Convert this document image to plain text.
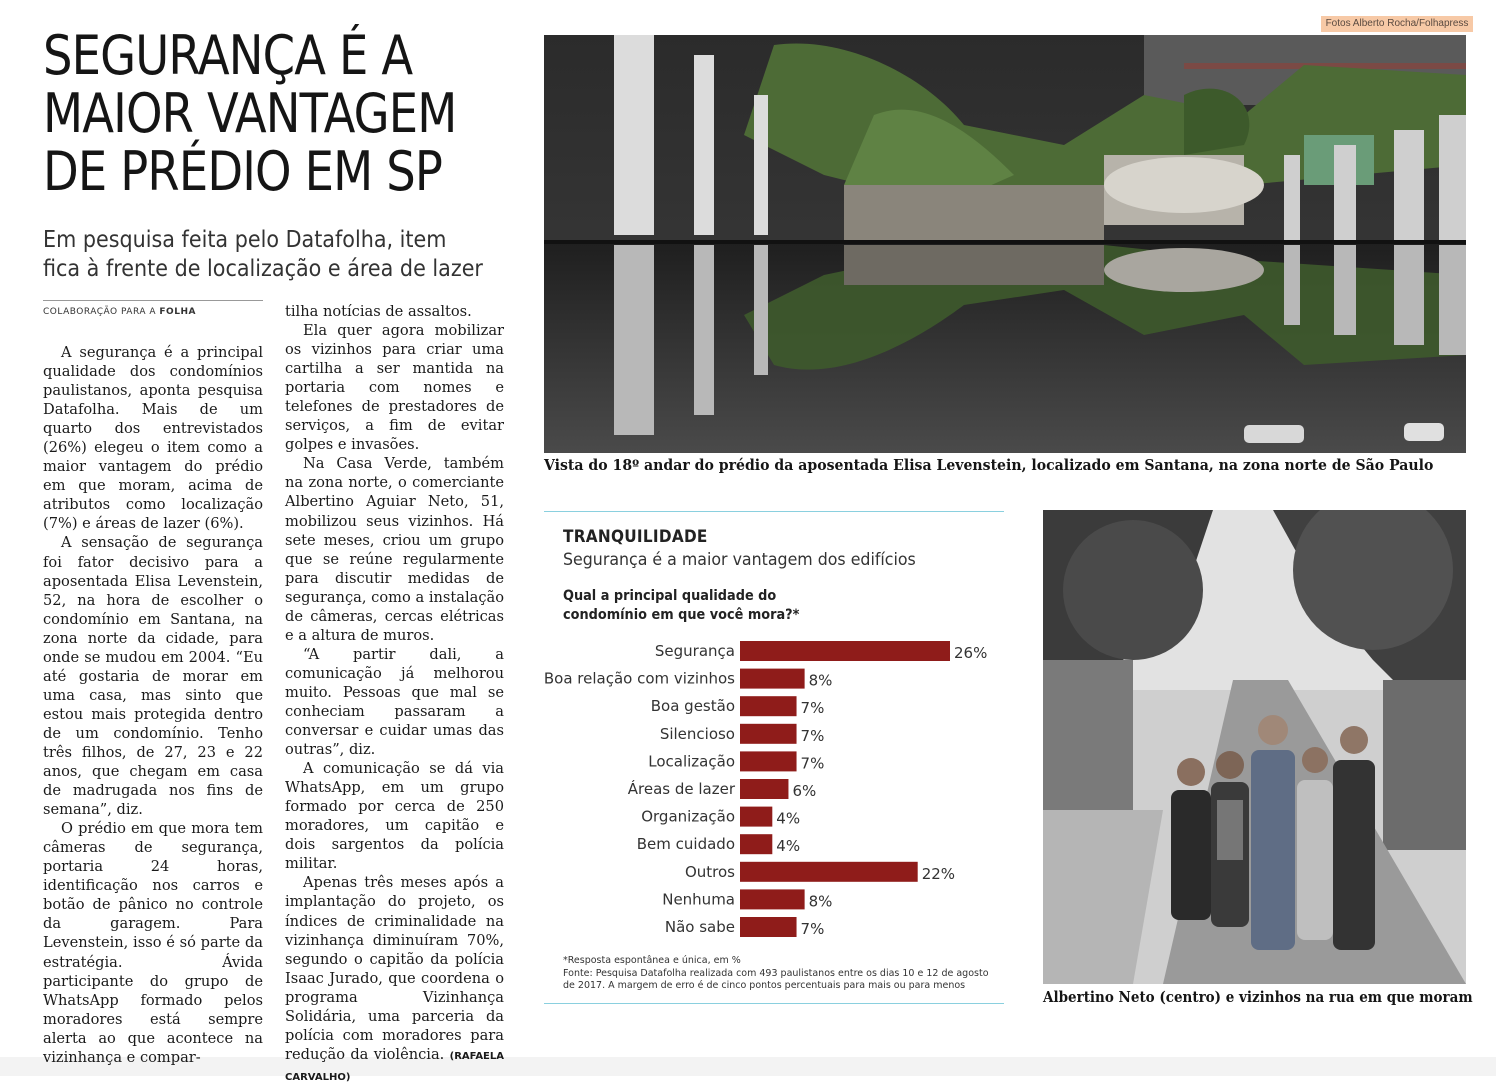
Fotos Alberto Rocha/Folhapress
SEGURANÇA É A
MAIOR VANTAGEM
DE PRÉDIO EM SP
Em pesquisa feita pelo Datafolha, item
fica à frente de localização e área de lazer
COLABORAÇÃO PARA A FOLHA

A segurança é a principal qualidade dos condomínios paulistanos, aponta pesquisa Datafolha. Mais de um quarto dos entrevistados (26%) elegeu o item como a maior vantagem do prédio em que moram, acima de atributos como localização (7%) e áreas de lazer (6%).

A sensação de segurança foi fator decisivo para a aposentada Elisa Levenstein, 52, na hora de escolher o condomínio em Santana, na zona norte da cidade, para onde se mudou em 2004. “Eu até gostaria de morar em uma casa, mas sinto que estou mais protegida dentro de um condomínio. Tenho três filhos, de 27, 23 e 22 anos, que chegam em casa de madrugada nos fins de semana”, diz.

O prédio em que mora tem câmeras de segurança, portaria 24 horas, identificação nos carros e botão de pânico no controle da garagem. Para Levenstein, isso é só parte da estratégia. Ávida participante do grupo de WhatsApp formado pelos moradores está sempre alerta ao que acontece na vizinhança e compar-

tilha notícias de assaltos.

Ela quer agora mobilizar os vizinhos para criar uma cartilha a ser mantida na portaria com nomes e telefones de prestadores de serviços, a fim de evitar golpes e invasões.

Na Casa Verde, também na zona norte, o comerciante Albertino Aguiar Neto, 51, mobilizou seus vizinhos. Há sete meses, criou um grupo que se reúne regularmente para discutir medidas de segurança, como a instalação de câmeras, cercas elétricas e a altura de muros.

“A partir dali, a comunicação já melhorou muito. Pessoas que mal se conheciam passaram a conversar e cuidar umas das outras”, diz.

A comunicação se dá via WhatsApp, em um grupo formado por cerca de 250 moradores, um capitão e dois sargentos da polícia militar.

Apenas três meses após a implantação do projeto, os índices de criminalidade na vizinhança diminuíram 70%, segundo o capitão da polícia Isaac Jurado, que coordena o programa Vizinhança Solidária, uma parceria da polícia com moradores para redução da violência. (RAFAELA CARVALHO)

Vista do 18º andar do prédio da aposentada Elisa Levenstein, localizado em Santana, na zona norte de São Paulo

TRANQUILIDADE

Segurança é a maior vantagem dos edifícios

Qual a principal qualidade do condomínio em que você mora?*

Segurança	26%
Boa relação com vizinhos	8%
Boa gestão	7%
Silencioso	7%
Localização	7%
Áreas de lazer	6%
Organização	4%
Bem cuidado	4%
Outros	22%
Nenhuma	8%
Não sabe	7%

*Resposta espontânea e única, em %
Fonte: Pesquisa Datafolha realizada com 493 paulistanos entre os dias 10 e 12 de agosto
de 2017. A margem de erro é de cinco pontos percentuais para mais ou para menos

Albertino Neto (centro) e vizinhos na rua em que moram
